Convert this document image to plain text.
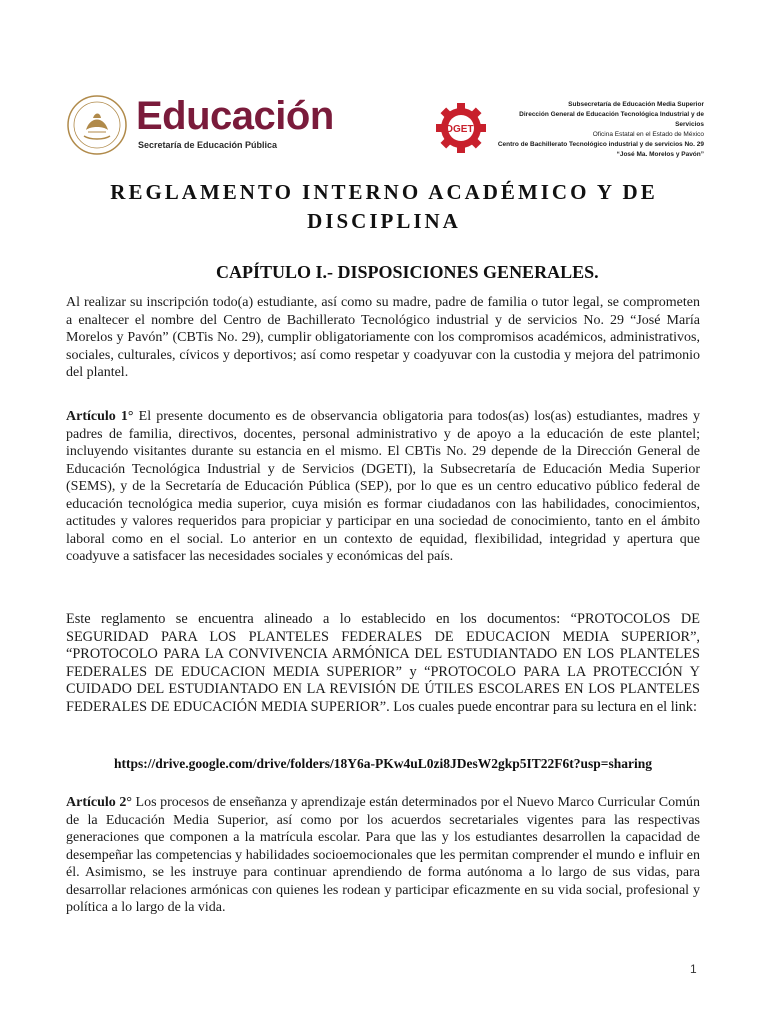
Educación
Secretaría de Educación Pública
DGETI
Subsecretaría de Educación Media Superior
Dirección General de Educación Tecnológica Industrial y de Servicios
Oficina Estatal en el Estado de México
Centro de Bachillerato Tecnológico industrial y de servicios No. 29
“José Ma. Morelos y Pavón”
REGLAMENTO INTERNO ACADÉMICO Y DE DISCIPLINA
CAPÍTULO I.- DISPOSICIONES GENERALES.
Al realizar su inscripción todo(a) estudiante, así como su madre, padre de familia o tutor legal, se comprometen a enaltecer el nombre del Centro de Bachillerato Tecnológico industrial y de servicios No. 29 “José María Morelos y Pavón” (CBTis No. 29), cumplir obligatoriamente con los compromisos académicos, administrativos, sociales, culturales, cívicos y deportivos; así como respetar y coadyuvar con la custodia y mejora del patrimonio del plantel.
Artículo 1° El presente documento es de observancia obligatoria para todos(as) los(as) estudiantes, madres y padres de familia, directivos, docentes, personal administrativo y de apoyo a la educación de este plantel; incluyendo visitantes durante su estancia en el mismo. El CBTis No. 29 depende de la Dirección General de Educación Tecnológica Industrial y de Servicios (DGETI), la Subsecretaría de Educación Media Superior (SEMS), y de la Secretaría de Educación Pública (SEP), por lo que es un centro educativo público federal de educación tecnológica media superior, cuya misión es formar ciudadanos con las habilidades, conocimientos, actitudes y valores requeridos para propiciar y participar en una sociedad de conocimiento, tanto en el ámbito laboral como en el social. Lo anterior en un contexto de equidad, flexibilidad, integridad y apertura que coadyuve a satisfacer las necesidades sociales y económicas del país.
Este reglamento se encuentra alineado a lo establecido en los documentos: “PROTOCOLOS DE SEGURIDAD PARA LOS PLANTELES FEDERALES DE EDUCACION MEDIA SUPERIOR”, “PROTOCOLO PARA LA CONVIVENCIA ARMÓNICA DEL ESTUDIANTADO EN LOS PLANTELES FEDERALES DE EDUCACION MEDIA SUPERIOR” y “PROTOCOLO PARA LA PROTECCIÓN Y CUIDADO DEL ESTUDIANTADO EN LA REVISIÓN DE ÚTILES ESCOLARES EN LOS PLANTELES FEDERALES DE EDUCACIÓN MEDIA SUPERIOR”. Los cuales puede encontrar para su lectura en el link:
https://drive.google.com/drive/folders/18Y6a-PKw4uL0zi8JDesW2gkp5IT22F6t?usp=sharing
Artículo 2° Los procesos de enseñanza y aprendizaje están determinados por el Nuevo Marco Curricular Común de la Educación Media Superior, así como por los acuerdos secretariales vigentes para las respectivas generaciones que componen a la matrícula escolar. Para que las y los estudiantes desarrollen la capacidad de desempeñar las competencias y habilidades socioemocionales que les permitan comprender el mundo e influir en él. Asimismo, se les instruye para continuar aprendiendo de forma autónoma a lo largo de sus vidas, para desarrollar relaciones armónicas con quienes les rodean y participar eficazmente en su vida social, profesional y política a lo largo de la vida.
1
